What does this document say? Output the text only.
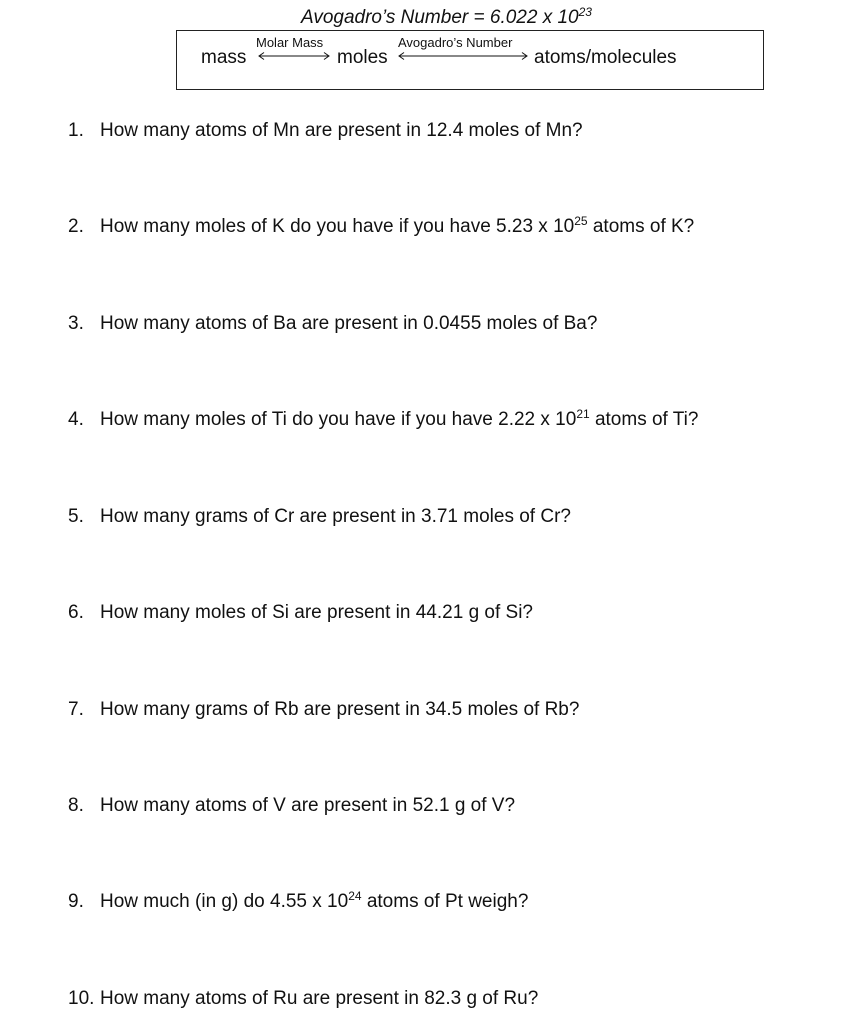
Avogadro’s Number = 6.022 x $10^{23}$
mass
Molar Mass
moles
Avogadro’s Number
atoms/molecules
1. How many atoms of Mn are present in 12.4 moles of Mn?
2. How many moles of K do you have if you have 5.23 x $10^{25}$ atoms of K?
3. How many atoms of Ba are present in 0.0455 moles of Ba?
4. How many moles of Ti do you have if you have 2.22 x $10^{21}$ atoms of Ti?
5. How many grams of Cr are present in 3.71 moles of Cr?
6. How many moles of Si are present in 44.21 g of Si?
7. How many grams of Rb are present in 34.5 moles of Rb?
8. How many atoms of V are present in 52.1 g of V?
9. How much (in g) do 4.55 x $10^{24}$ atoms of Pt weigh?
10. How many atoms of Ru are present in 82.3 g of Ru?
